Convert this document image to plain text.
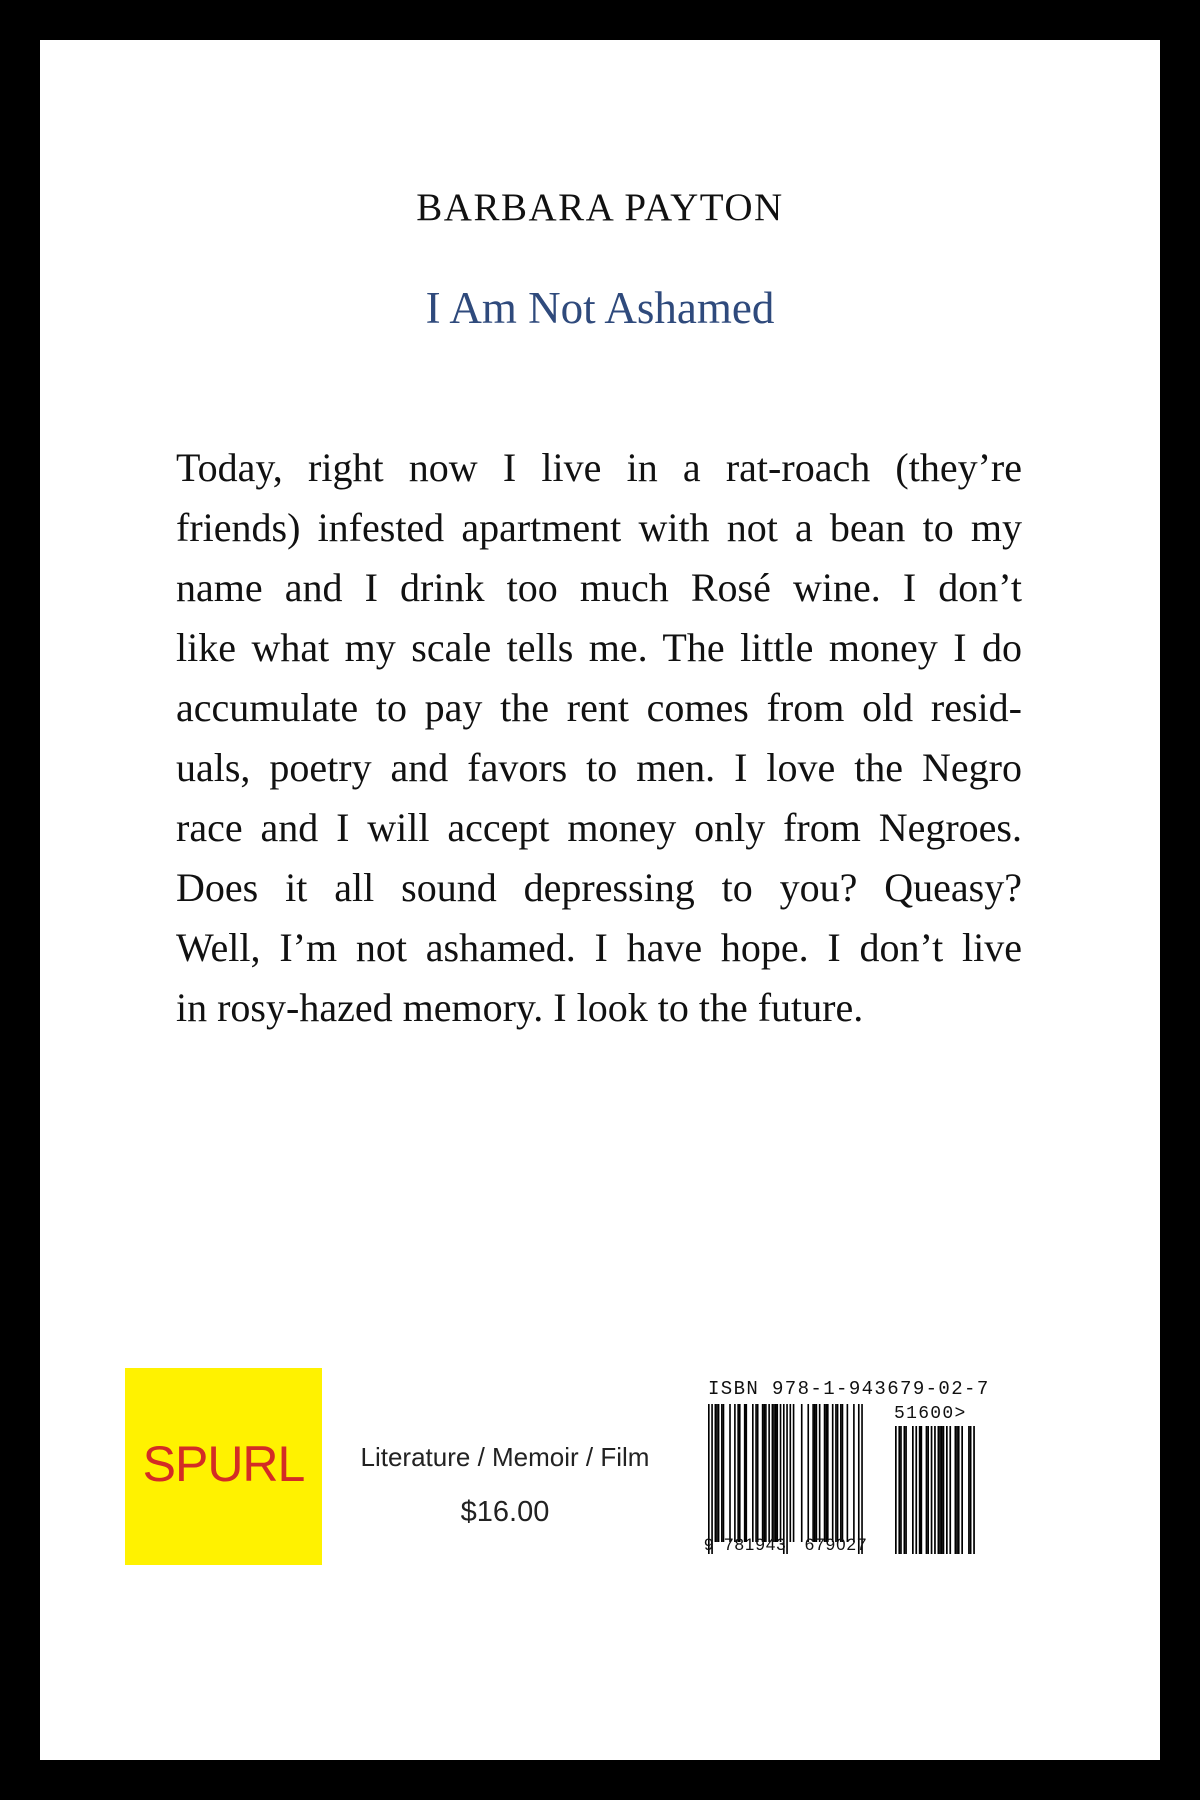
BARBARA PAYTON
I Am Not Ashamed
Today, right now I live in a rat-roach (they’re
friends) infested apartment with not a bean to my
name and I drink too much Rosé wine. I don’t
like what my scale tells me. The little money I do
accumulate to pay the rent comes from old resid-
uals, poetry and favors to men. I love the Negro
race and I will accept money only from Negroes.
Does it all sound depressing to you? Queasy?
Well, I’m not ashamed. I have hope. I don’t live
in rosy-hazed memory. I look to the future.
SPURL	Literature / Memoir / Film
$16.00
ISBN 978-1-943679-02-7
51600>
9 781943 679027
